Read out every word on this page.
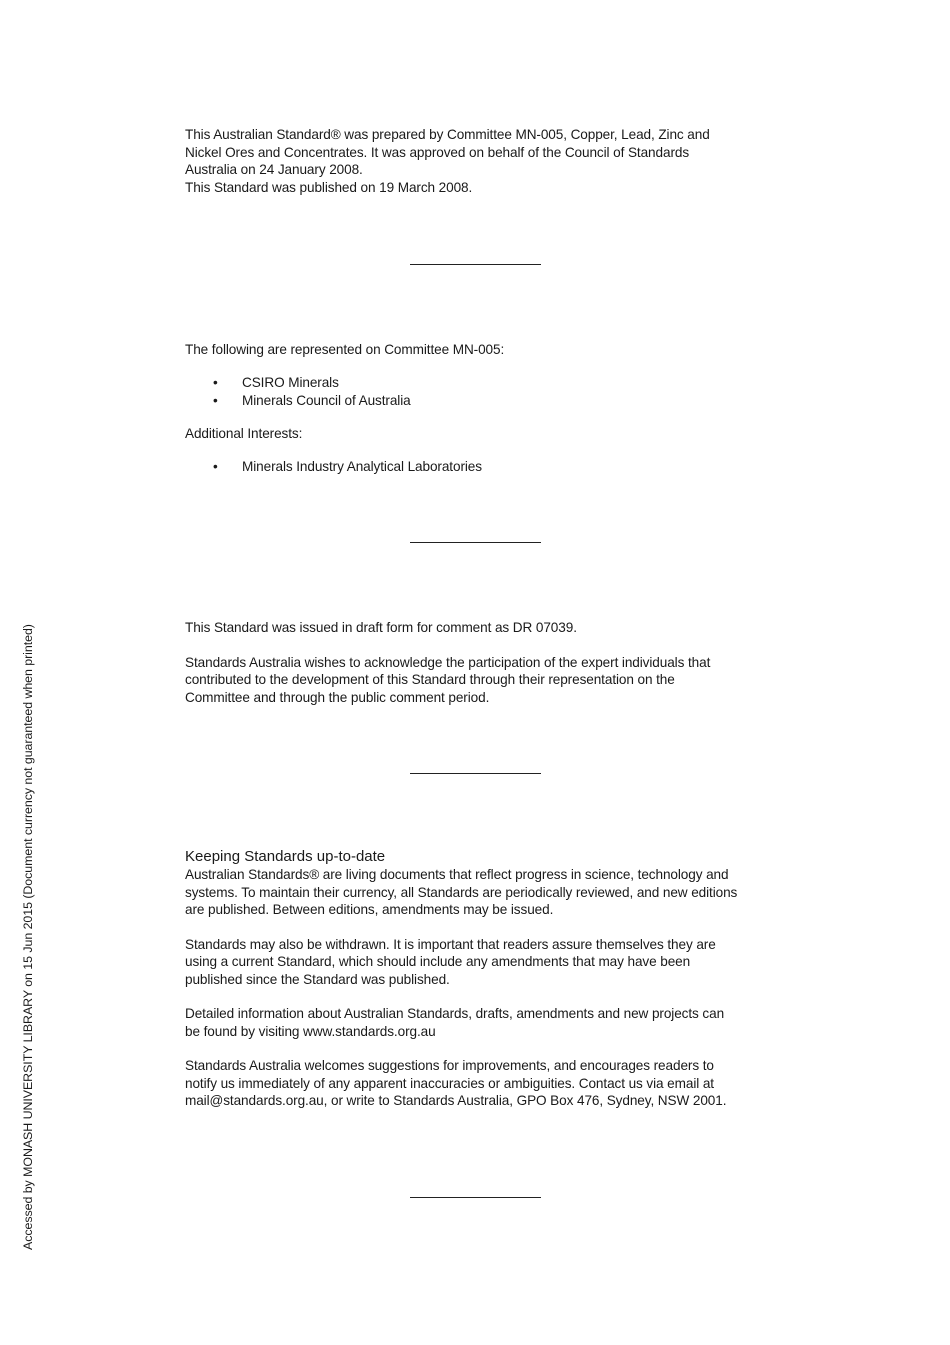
This Australian Standard® was prepared by Committee MN-005, Copper, Lead, Zinc and

Nickel Ores and Concentrates. It was approved on behalf of the Council of Standards

Australia on 24 January 2008.

This Standard was published on 19 March 2008.

The following are represented on Committee MN-005:

• CSIRO Minerals
• Minerals Council of Australia

Additional Interests:

• Minerals Industry Analytical Laboratories

This Standard was issued in draft form for comment as DR 07039.

Standards Australia wishes to acknowledge the participation of the expert individuals that

contributed to the development of this Standard through their representation on the

Committee and through the public comment period.

Keeping Standards up-to-date

Australian Standards® are living documents that reflect progress in science, technology and

systems. To maintain their currency, all Standards are periodically reviewed, and new editions

are published. Between editions, amendments may be issued.

Standards may also be withdrawn. It is important that readers assure themselves they are

using a current Standard, which should include any amendments that may have been

published since the Standard was published.

Detailed information about Australian Standards, drafts, amendments and new projects can

be found by visiting www.standards.org.au

Standards Australia welcomes suggestions for improvements, and encourages readers to

notify us immediately of any apparent inaccuracies or ambiguities. Contact us via email at

mail@standards.org.au, or write to Standards Australia, GPO Box 476, Sydney, NSW 2001.

Accessed by MONASH UNIVERSITY LIBRARY on 15 Jun 2015 (Document currency not guaranteed when printed)
